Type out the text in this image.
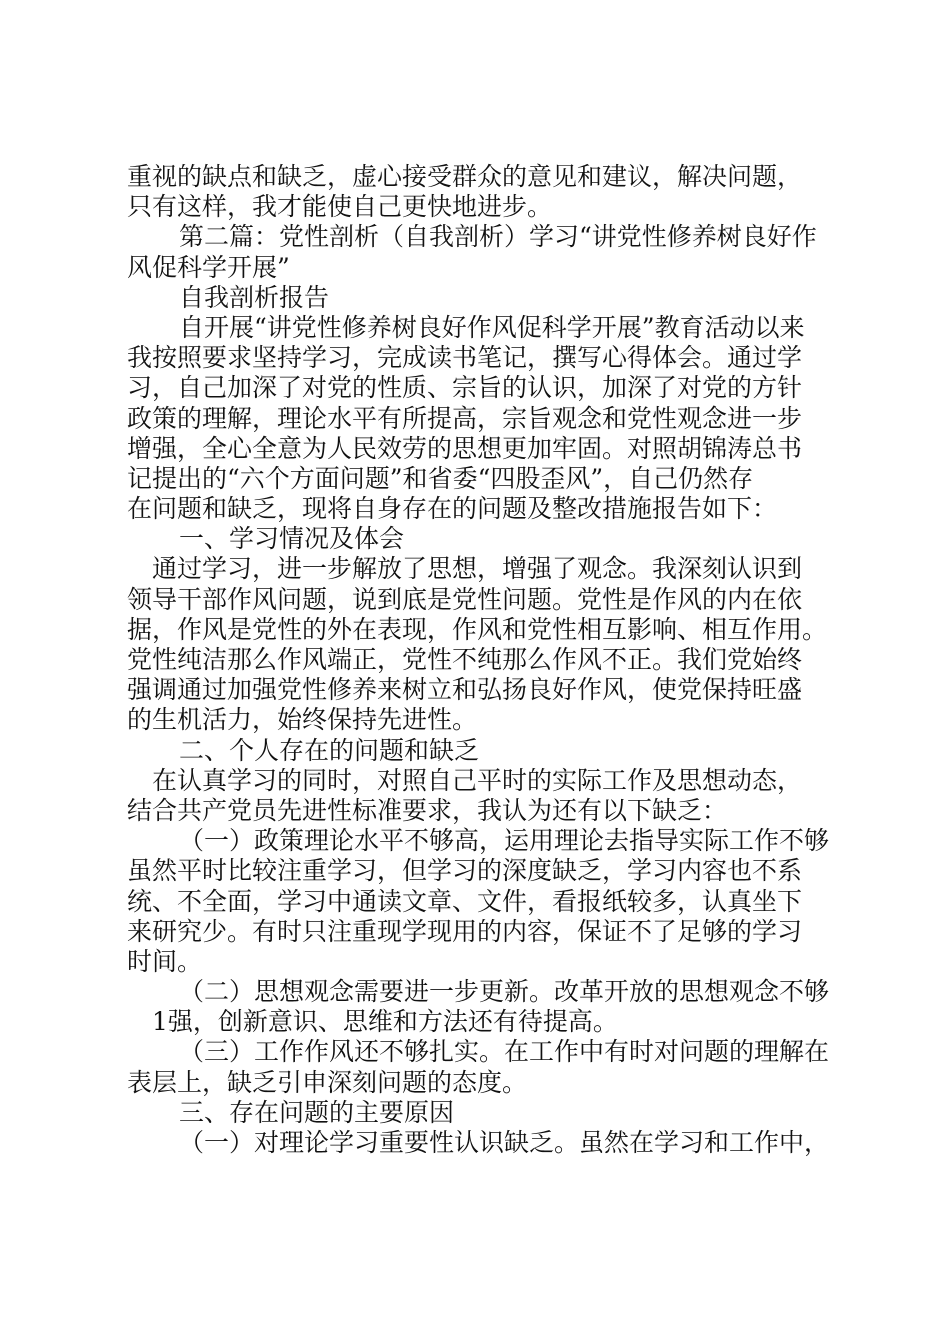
重视的缺点和缺乏，虚心接受群众的意见和建议，解决问题，
只有这样，我才能使自己更快地进步。
第二篇：党性剖析（自我剖析）学习“讲党性修养树良好作
风促科学开展”
自我剖析报告
自开展“讲党性修养树良好作风促科学开展”教育活动以来
我按照要求坚持学习，完成读书笔记，撰写心得体会。通过学
习，自己加深了对党的性质、宗旨的认识，加深了对党的方针
政策的理解，理论水平有所提高，宗旨观念和党性观念进一步
增强，全心全意为人民效劳的思想更加牢固。对照胡锦涛总书
记提出的“六个方面问题”和省委“四股歪风”，自己仍然存
在问题和缺乏，现将自身存在的问题及整改措施报告如下：
一、学习情况及体会
通过学习，进一步解放了思想，增强了观念。我深刻认识到
领导干部作风问题，说到底是党性问题。党性是作风的内在依
据，作风是党性的外在表现，作风和党性相互影响、相互作用。
党性纯洁那么作风端正，党性不纯那么作风不正。我们党始终
强调通过加强党性修养来树立和弘扬良好作风，使党保持旺盛
的生机活力，始终保持先进性。
二、个人存在的问题和缺乏
在认真学习的同时，对照自己平时的实际工作及思想动态，
结合共产党员先进性标准要求，我认为还有以下缺乏：
（一）政策理论水平不够高，运用理论去指导实际工作不够
虽然平时比较注重学习，但学习的深度缺乏，学习内容也不系
统、不全面，学习中通读文章、文件，看报纸较多，认真坐下
来研究少。有时只注重现学现用的内容，保证不了足够的学习
时间。
（二）思想观念需要进一步更新。改革开放的思想观念不够
1强，创新意识、思维和方法还有待提高。
（三）工作作风还不够扎实。在工作中有时对问题的理解在
表层上，缺乏引申深刻问题的态度。
三、存在问题的主要原因
（一）对理论学习重要性认识缺乏。虽然在学习和工作中，
